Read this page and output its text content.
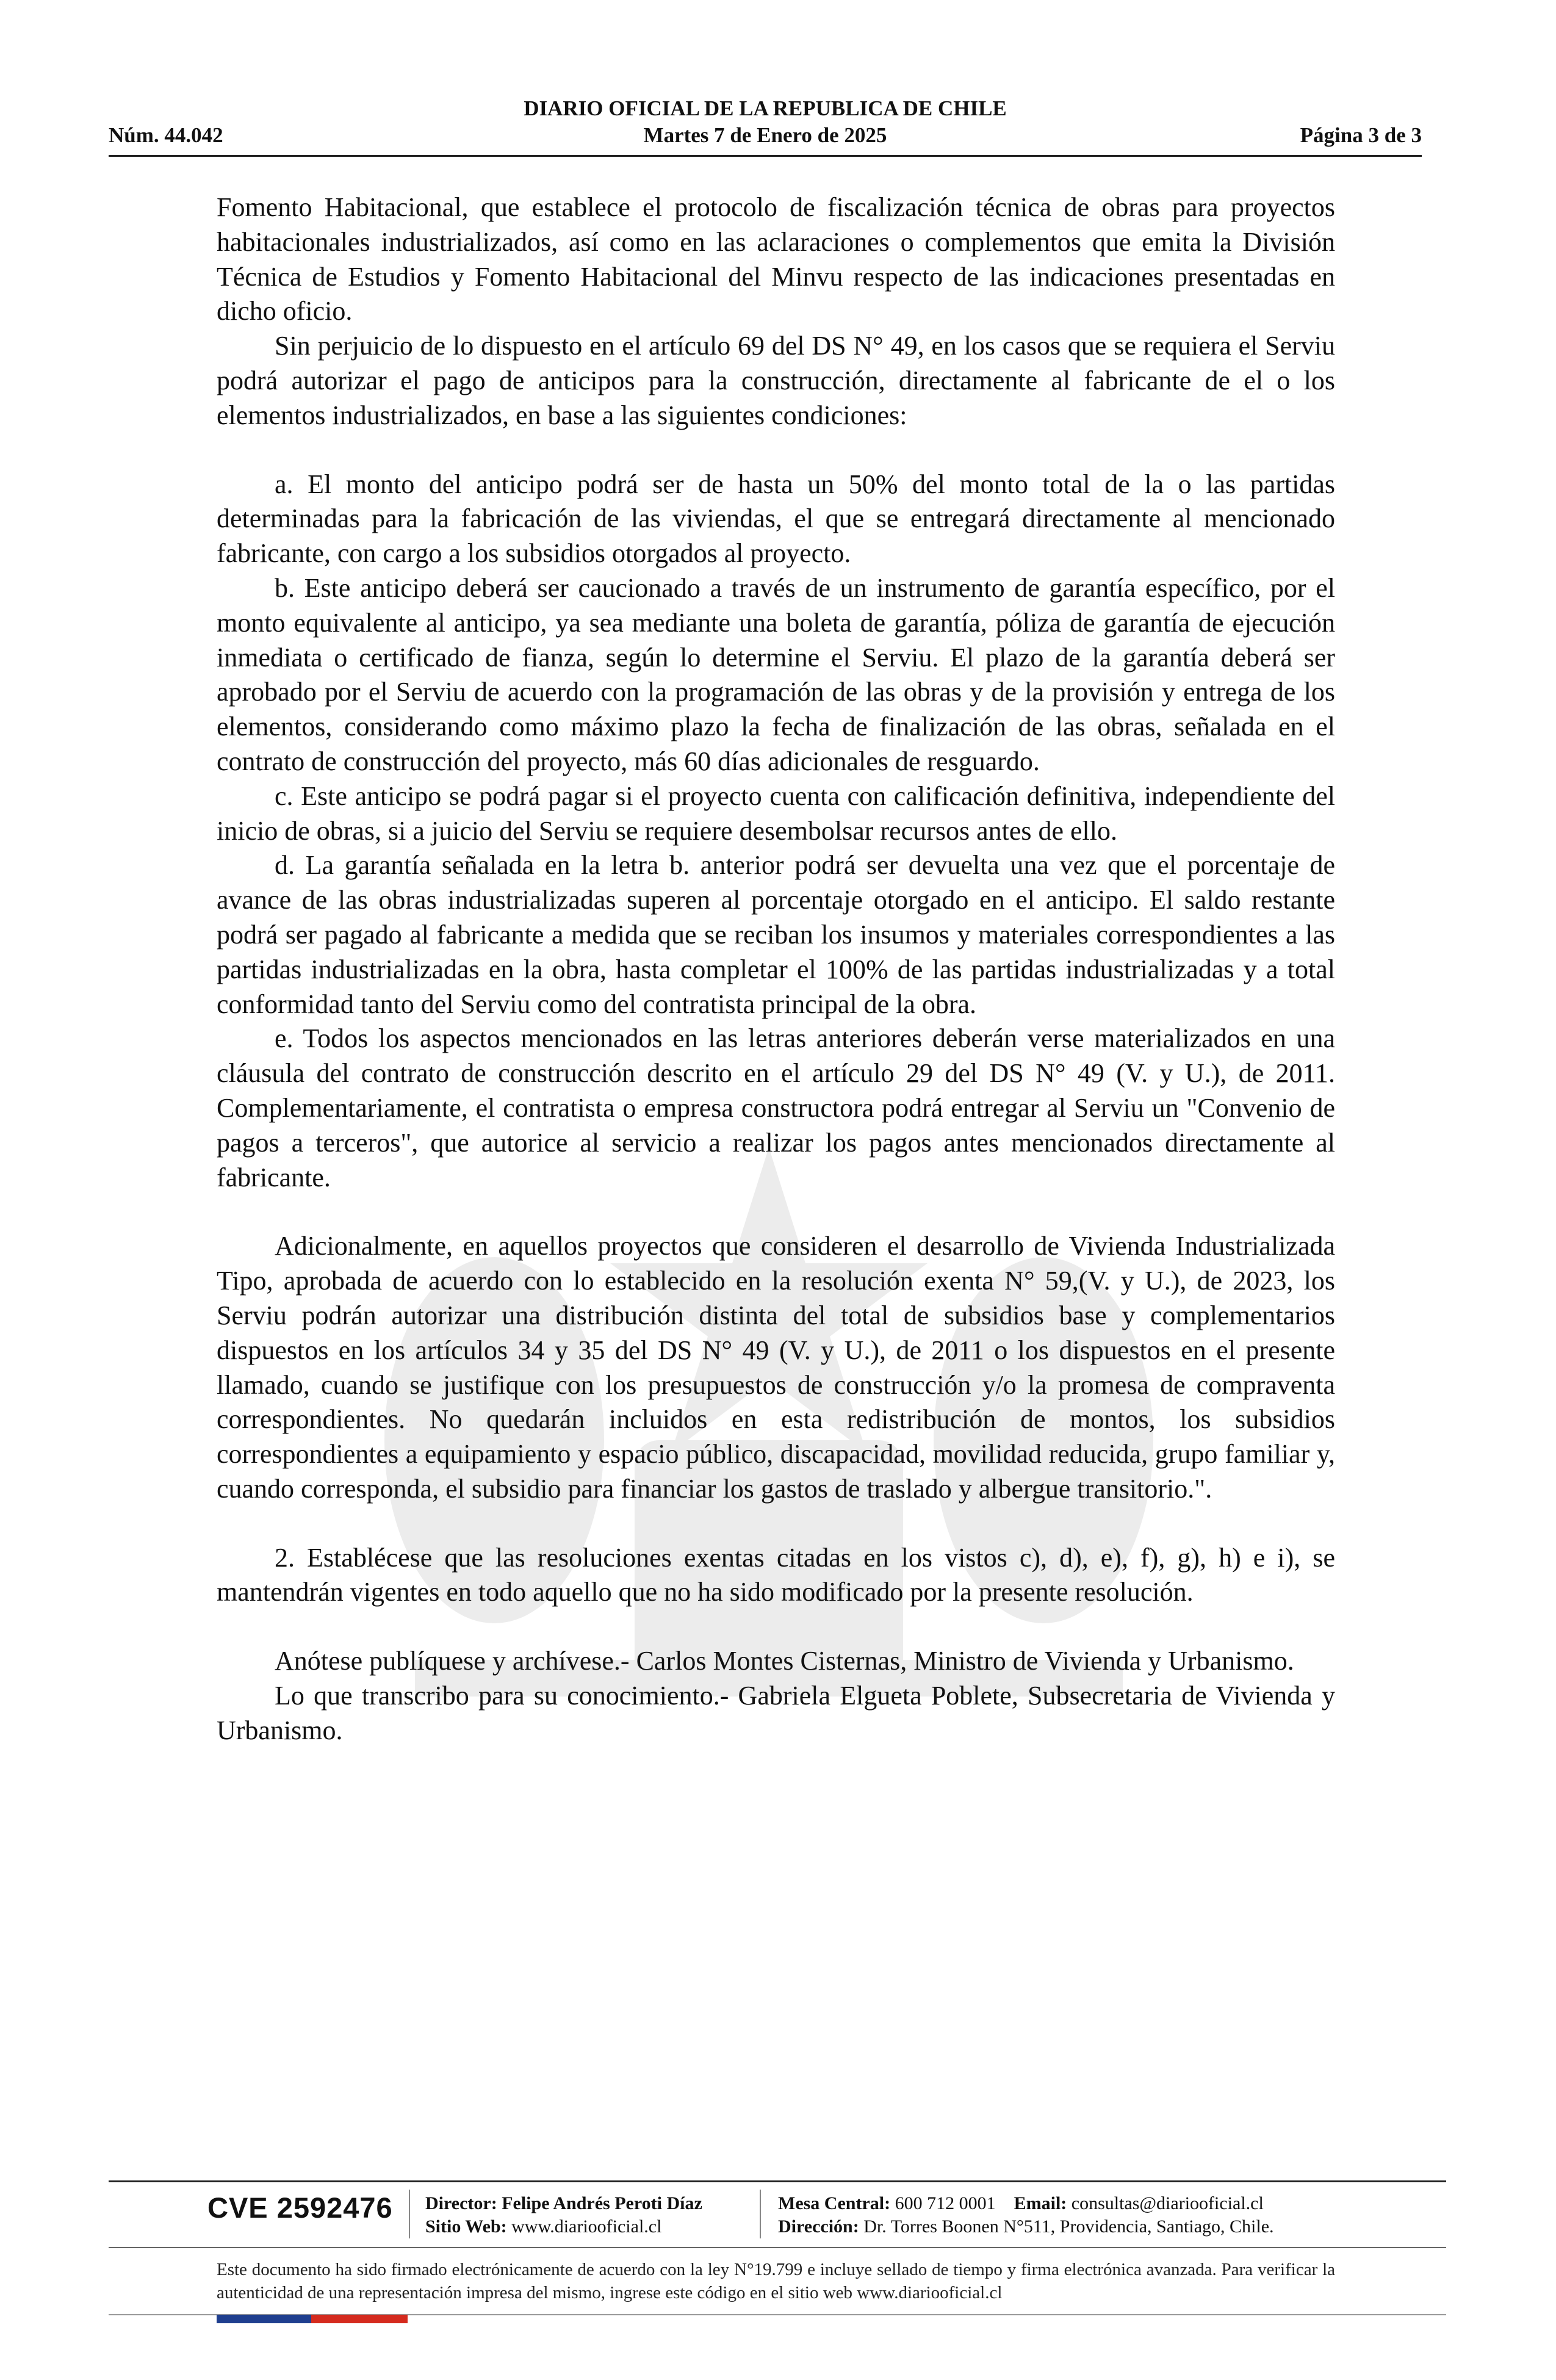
DIARIO OFICIAL DE LA REPUBLICA DE CHILE
Núm. 44.042	Martes 7 de Enero de 2025	Página 3 de 3

Fomento Habitacional, que establece el protocolo de fiscalización técnica de obras para proyectos habitacionales industrializados, así como en las aclaraciones o complementos que emita la División Técnica de Estudios y Fomento Habitacional del Minvu respecto de las indicaciones presentadas en dicho oficio.

Sin perjuicio de lo dispuesto en el artículo 69 del DS N° 49, en los casos que se requiera el Serviu podrá autorizar el pago de anticipos para la construcción, directamente al fabricante de el o los elementos industrializados, en base a las siguientes condiciones:

a. El monto del anticipo podrá ser de hasta un 50% del monto total de la o las partidas determinadas para la fabricación de las viviendas, el que se entregará directamente al mencionado fabricante, con cargo a los subsidios otorgados al proyecto.

b. Este anticipo deberá ser caucionado a través de un instrumento de garantía específico, por el monto equivalente al anticipo, ya sea mediante una boleta de garantía, póliza de garantía de ejecución inmediata o certificado de fianza, según lo determine el Serviu. El plazo de la garantía deberá ser aprobado por el Serviu de acuerdo con la programación de las obras y de la provisión y entrega de los elementos, considerando como máximo plazo la fecha de finalización de las obras, señalada en el contrato de construcción del proyecto, más 60 días adicionales de resguardo.

c. Este anticipo se podrá pagar si el proyecto cuenta con calificación definitiva, independiente del inicio de obras, si a juicio del Serviu se requiere desembolsar recursos antes de ello.

d. La garantía señalada en la letra b. anterior podrá ser devuelta una vez que el porcentaje de avance de las obras industrializadas superen al porcentaje otorgado en el anticipo. El saldo restante podrá ser pagado al fabricante a medida que se reciban los insumos y materiales correspondientes a las partidas industrializadas en la obra, hasta completar el 100% de las partidas industrializadas y a total conformidad tanto del Serviu como del contratista principal de la obra.

e. Todos los aspectos mencionados en las letras anteriores deberán verse materializados en una cláusula del contrato de construcción descrito en el artículo 29 del DS N° 49 (V. y U.), de 2011. Complementariamente, el contratista o empresa constructora podrá entregar al Serviu un "Convenio de pagos a terceros", que autorice al servicio a realizar los pagos antes mencionados directamente al fabricante.

Adicionalmente, en aquellos proyectos que consideren el desarrollo de Vivienda Industrializada Tipo, aprobada de acuerdo con lo establecido en la resolución exenta N° 59,(V. y U.), de 2023, los Serviu podrán autorizar una distribución distinta del total de subsidios base y complementarios dispuestos en los artículos 34 y 35 del DS N° 49 (V. y U.), de 2011 o los dispuestos en el presente llamado, cuando se justifique con los presupuestos de construcción y/o la promesa de compraventa correspondientes. No quedarán incluidos en esta redistribución de montos, los subsidios correspondientes a equipamiento y espacio público, discapacidad, movilidad reducida, grupo familiar y, cuando corresponda, el subsidio para financiar los gastos de traslado y albergue transitorio.".

2. Establécese que las resoluciones exentas citadas en los vistos c), d), e), f), g), h) e i), se mantendrán vigentes en todo aquello que no ha sido modificado por la presente resolución.

Anótese publíquese y archívese.- Carlos Montes Cisternas, Ministro de Vivienda y Urbanismo.

Lo que transcribo para su conocimiento.- Gabriela Elgueta Poblete, Subsecretaria de Vivienda y Urbanismo.

CVE 2592476 Director: Felipe Andrés Peroti Díaz
Sitio Web: www.diariooficial.cl
Mesa Central: 600 712 0001 Email: consultas@diariooficial.cl
Dirección: Dr. Torres Boonen N°511, Providencia, Santiago, Chile.
Este documento ha sido firmado electrónicamente de acuerdo con la ley N°19.799 e incluye sellado de tiempo y firma electrónica avanzada. Para verificar la autenticidad de una representación impresa del mismo, ingrese este código en el sitio web www.diariooficial.cl
